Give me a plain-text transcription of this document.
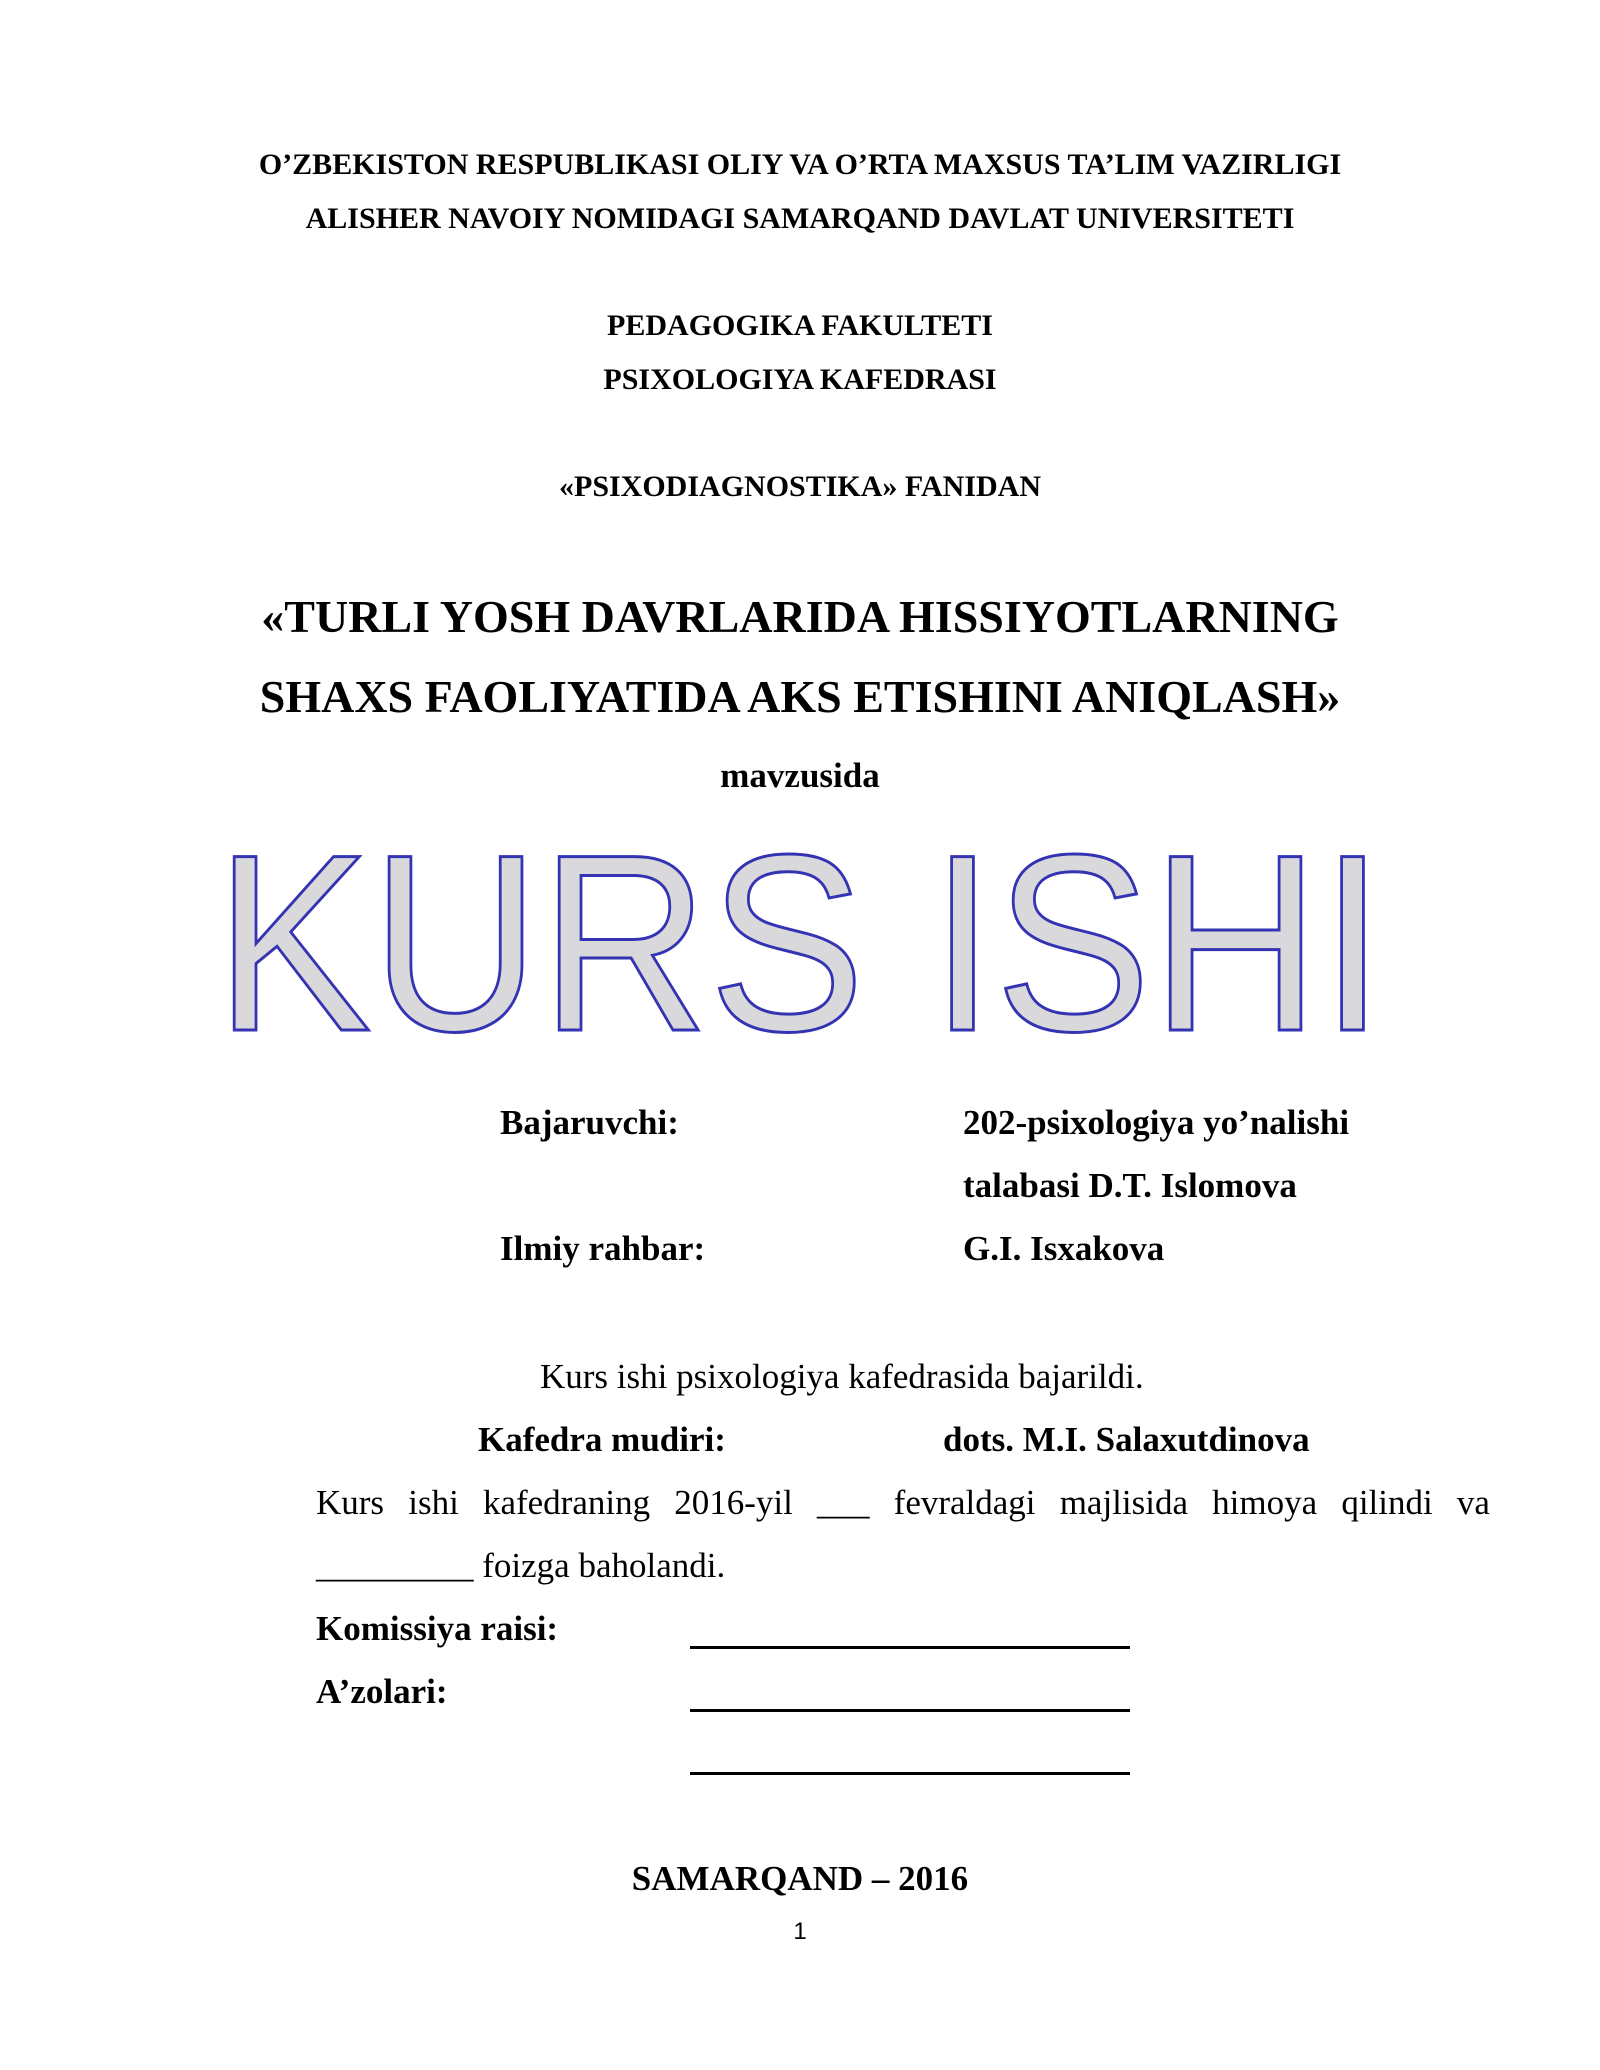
O’ZBEKISTON RESPUBLIKASI OLIY VA O’RTA MAXSUS TA’LIM VAZIRLIGI

ALISHER NAVOIY NOMIDAGI SAMARQAND DAVLAT UNIVERSITETI

PEDAGOGIKA FAKULTETI

PSIXOLOGIYA KAFEDRASI

«PSIXODIAGNOSTIKA» FANIDAN

«TURLI YOSH DAVRLARIDA HISSIYOTLARNING

SHAXS FAOLIYATIDA AKS ETISHINI ANIQLASH»

mavzusida

KURS ISHI

Bajaruvchi:	202-psixologiya yo’nalishi

talabasi D.T. Islomova

Ilmiy rahbar:	G.I. Isxakova

Kurs ishi psixologiya kafedrasida bajarildi.

Kafedra mudiri:	dots. M.I. Salaxutdinova

Kurs ishi kafedraning 2016-yil ___ fevraldagi majlisida himoya qilindi va

_________ foizga baholandi.

Komissiya raisi:

A’zolari:

SAMARQAND – 2016

1
